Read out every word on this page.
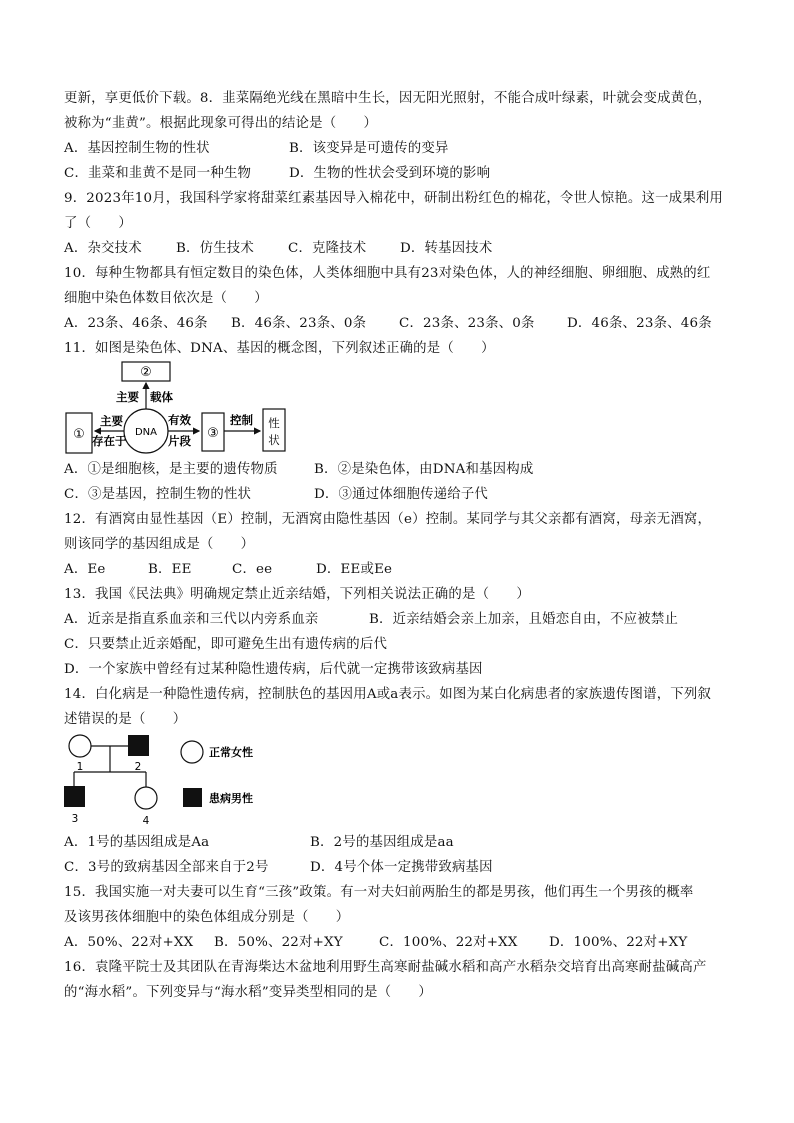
更新，享更低价下载。8．韭菜隔绝光线在黑暗中生长，因无阳光照射，不能合成叶绿素，叶就会变成黄色，
被称为“韭黄”。根据此现象可得出的结论是（　　）
A．基因控制生物的性状	B．该变异是可遗传的变异
C．韭菜和韭黄不是同一种生物	D．生物的性状会受到环境的影响
9．2023年10月，我国科学家将甜菜红素基因导入棉花中，研制出粉红色的棉花，令世人惊艳。这一成果利用
了（　　）
A．杂交技术	B．仿生技术	C．克隆技术	D．转基因技术
10．每种生物都具有恒定数目的染色体，人类体细胞中具有23对染色体，人的神经细胞、卵细胞、成熟的红
细胞中染色体数目依次是（　　）
A．23条、46条、46条	B．46条、23条、0条	C．23条、23条、0条	D．46条、23条、46条
11．如图是染色体、DNA、基因的概念图，下列叙述正确的是（　　）
②
主要 载体
①	DNA
主要
存在于
有效
片段 ③
控制 性
状
A．①是细胞核，是主要的遗传物质	B．②是染色体，由DNA和基因构成
C．③是基因，控制生物的性状	D．③通过体细胞传递给子代
12．有酒窝由显性基因（E）控制，无酒窝由隐性基因（e）控制。某同学与其父亲都有酒窝，母亲无酒窝，
则该同学的基因组成是（　　）
A．Ee	B．EE	C．ee	D．EE或Ee
13．我国《民法典》明确规定禁止近亲结婚，下列相关说法正确的是（　　）
A．近亲是指直系血亲和三代以内旁系血亲	B．近亲结婚会亲上加亲，且婚恋自由，不应被禁止
C．只要禁止近亲婚配，即可避免生出有遗传病的后代
D．一个家族中曾经有过某种隐性遗传病，后代就一定携带该致病基因
14．白化病是一种隐性遗传病，控制肤色的基因用A或a表示。如图为某白化病患者的家族遗传图谱，下列叙
述错误的是（　　）
1	2
3	4
正常女性
患病男性
A．1号的基因组成是Aa	B．2号的基因组成是aa
C．3号的致病基因全部来自于2号	D．4号个体一定携带致病基因
15．我国实施一对夫妻可以生育“三孩”政策。有一对夫妇前两胎生的都是男孩，他们再生一个男孩的概率
及该男孩体细胞中的染色体组成分别是（　　）
A．50%、22对+XX	B．50%、22对+XY	C．100%、22对+XX	D．100%、22对+XY
16．袁隆平院士及其团队在青海柴达木盆地利用野生高寒耐盐碱水稻和高产水稻杂交培育出高寒耐盐碱高产
的“海水稻”。下列变异与“海水稻”变异类型相同的是（　　）
